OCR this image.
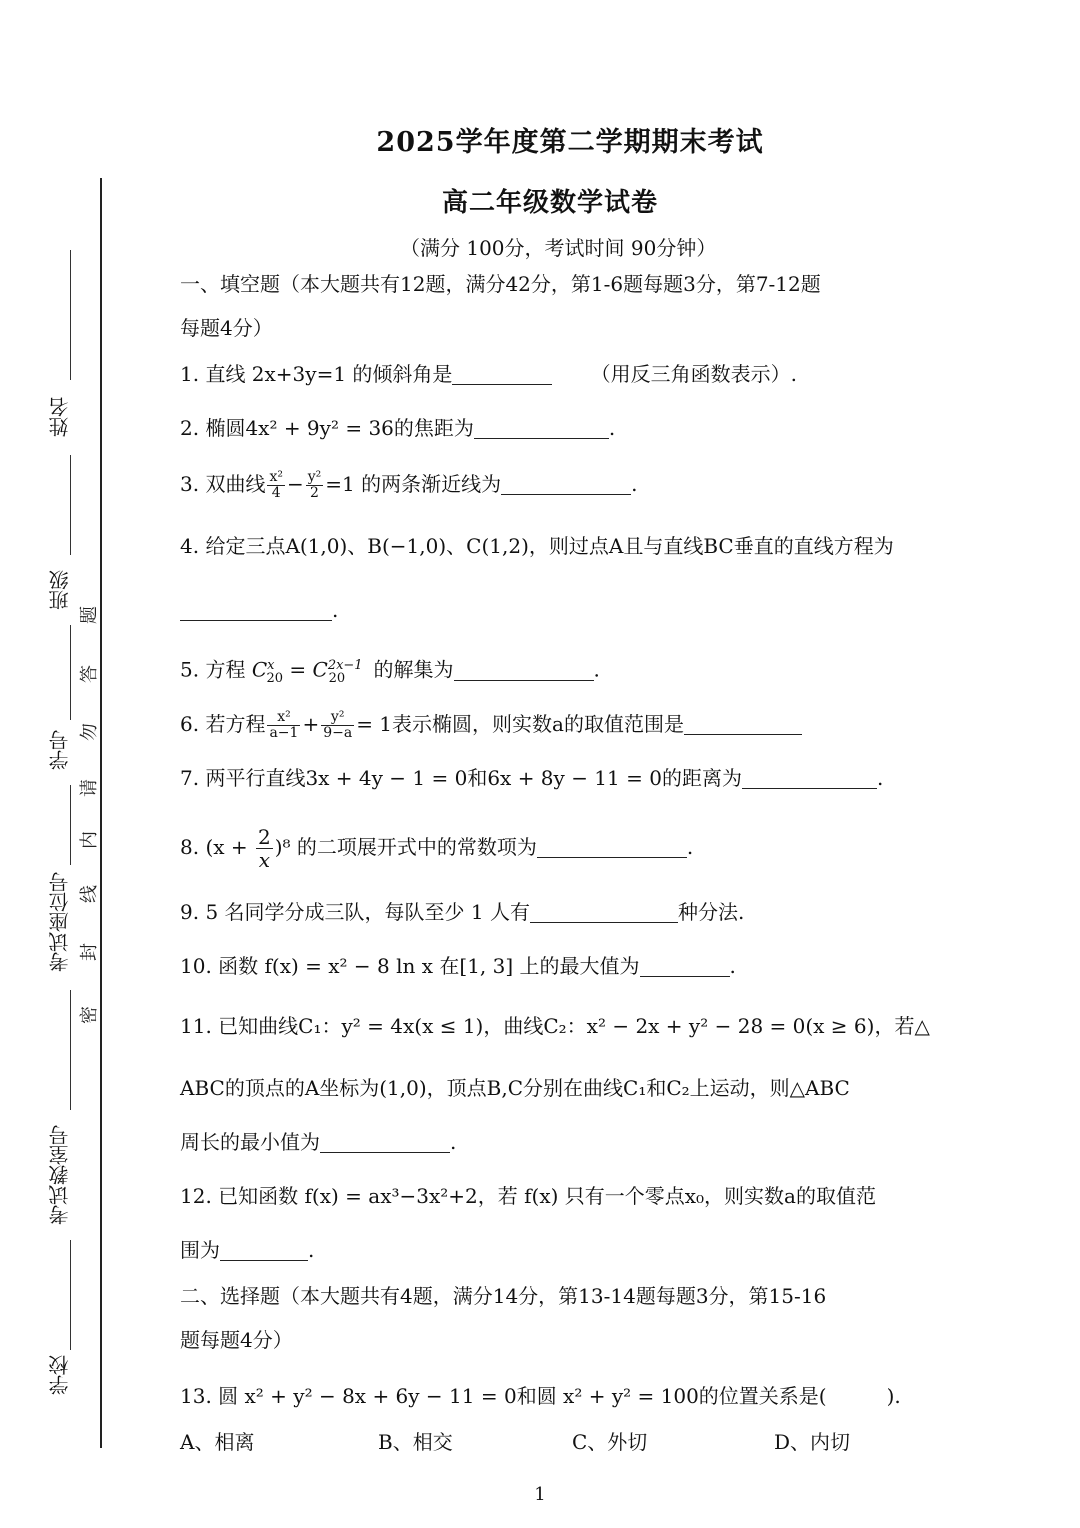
姓名
班级
学号
考试座位号
考试教室号
学校
密
封
线
内
请
勿
答
题
2025学年度第二学期期末考试
高二年级数学试卷
（满分 100分，考试时间 90分钟）
一、填空题（本大题共有12题，满分42分，第1-6题每题3分，第7-12题
每题4分）
1. 直线 2x+3y=1 的倾斜角是	（用反三角函数表示）.
2. 椭圆4x² + 9y² = 36的焦距为	.
3. 双曲线 $\frac{\text{x²}}{4} - \frac{\text{y²}}{2} =1$ 的两条渐近线为	.
4. 给定三点A(1,0)、B(−1,0)、C(1,2)，则过点A且与直线BC垂直的直线方程为
.
5. 方程 $C^x_{20} = C^{2x-1}_{20}$ 的解集为	.
6. 若方程 $\frac{\text{x²}}{a-1} + \frac{\text{y²}}{9-a} = 1$表示椭圆，则实数a的取值范围是
7. 两平行直线3x + 4y − 1 = 0和6x + 8y − 11 = 0的距离为	.
8. $(x + \frac{2}{x} )^8$ 的二项展开式中的常数项为	.
9. 5 名同学分成三队，每队至少 1 人有	种分法.
10. 函数 f(x) = x² − 8 ln x 在[1, 3] 上的最大值为	.
11. 已知曲线C₁：y² = 4x(x ≤ 1)，曲线C₂：x² − 2x + y² − 28 = 0(x ≥ 6)，若△
ABC的顶点的A坐标为(1,0)，顶点B,C分别在曲线C₁和C₂上运动，则△ABC
周长的最小值为	.
12. 已知函数 f(x) = ax³−3x²+2，若 f(x) 只有一个零点x₀，则实数a的取值范
围为	.
二、选择题（本大题共有4题，满分14分，第13-14题每题3分，第15-16
题每题4分）
13. 圆 x² + y² − 8x + 6y − 11 = 0和圆 x² + y² = 100的位置关系是(　　　).
A、相离	B、相交	C、外切	D、内切
1
